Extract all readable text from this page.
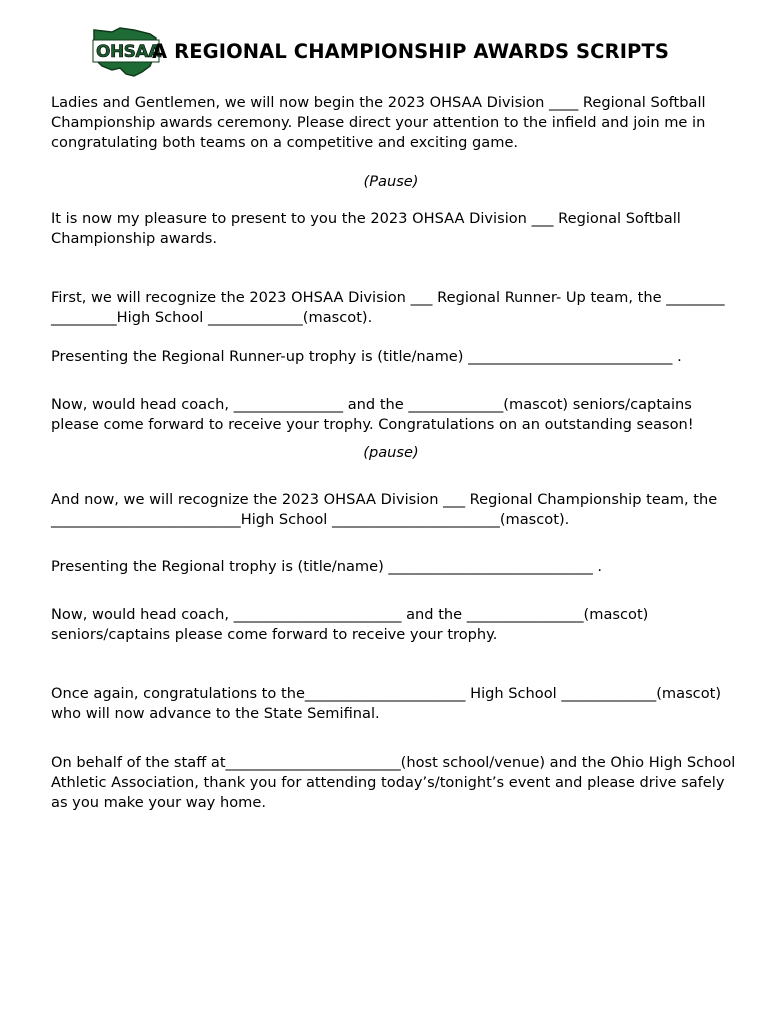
OHSAA
A REGIONAL CHAMPIONSHIP AWARDS SCRIPTS

Ladies and Gentlemen, we will now begin the 2023 OHSAA Division ____ Regional Softball Championship awards ceremony. Please direct your attention to the infield and join me in congratulating both teams on a competitive and exciting game.

(Pause)

It is now my pleasure to present to you the 2023 OHSAA Division ___ Regional Softball Championship awards.

First, we will recognize the 2023 OHSAA Division ___ Regional Runner- Up team, the ________ _________High School _____________(mascot).

Presenting the Regional Runner-up trophy is (title/name) ____________________________ .

Now, would head coach, _______________ and the _____________(mascot) seniors/captains please come forward to receive your trophy. Congratulations on an outstanding season!

(pause)

And now, we will recognize the 2023 OHSAA Division ___ Regional Championship team, the __________________________High School _______________________(mascot).

Presenting the Regional trophy is (title/name) ____________________________ .

Now, would head coach, _______________________ and the ________________(mascot) seniors/captains please come forward to receive your trophy.

Once again, congratulations to the______________________ High School _____________(mascot) who will now advance to the State Semifinal.

On behalf of the staff at________________________(host school/venue) and the Ohio High School Athletic Association, thank you for attending today’s/tonight’s event and please drive safely as you make your way home.
